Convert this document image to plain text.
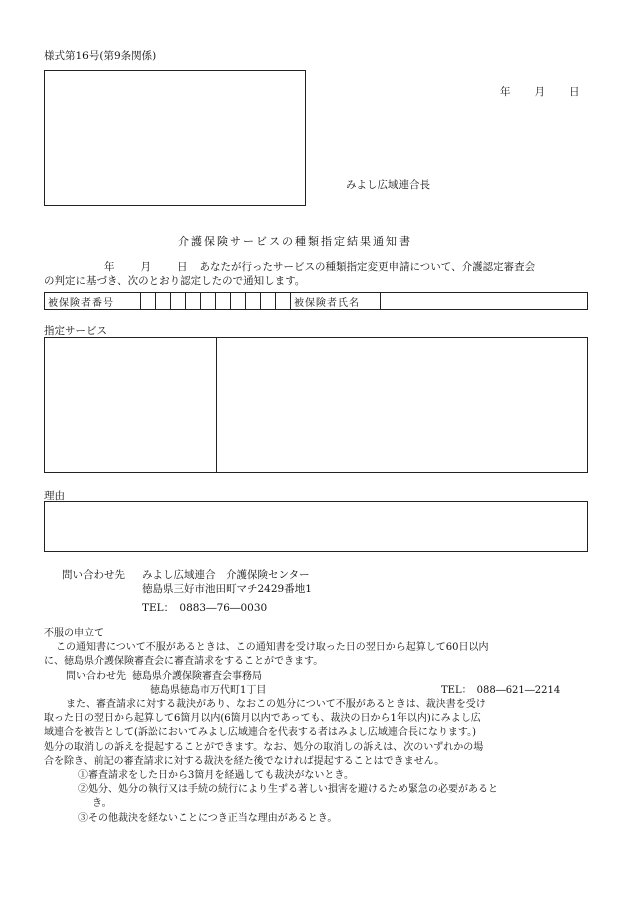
様式第16号(第9条関係)
年 月 日
みよし広域連合長
介護保険サービスの種類指定結果通知書
年 月 日 あなたが行ったサービスの種類指定変更申請について、介護認定審査会
の判定に基づき、次のとおり認定したので通知します。
被保険者番号	被保険者氏名
指定サービス
理由
問い合わせ先 みよし広域連合　介護保険センター
徳島県三好市池田町マチ2429番地1
TEL：　0883―76―0030
不服の申立て
この通知書について不服があるときは、この通知書を受け取った日の翌日から起算して60日以内
に、徳島県介護保険審査会に審査請求をすることができます。
問い合わせ先 徳島県介護保険審査会事務局
徳島県徳島市万代町1丁目	TEL：　088―621―2214
また、審査請求に対する裁決があり、なおこの処分について不服があるときは、裁決書を受け
取った日の翌日から起算して6箇月以内(6箇月以内であっても、裁決の日から1年以内)にみよし広
域連合を被告として(訴訟においてみよし広域連合を代表する者はみよし広域連合長になります。)
処分の取消しの訴えを提起することができます。なお、処分の取消しの訴えは、次のいずれかの場
合を除き、前記の審査請求に対する裁決を経た後でなければ提起することはできません。
①審査請求をした日から3箇月を経過しても裁決がないとき。
②処分、処分の執行又は手続の続行により生ずる著しい損害を避けるため緊急の必要があると
き。
③その他裁決を経ないことにつき正当な理由があるとき。
